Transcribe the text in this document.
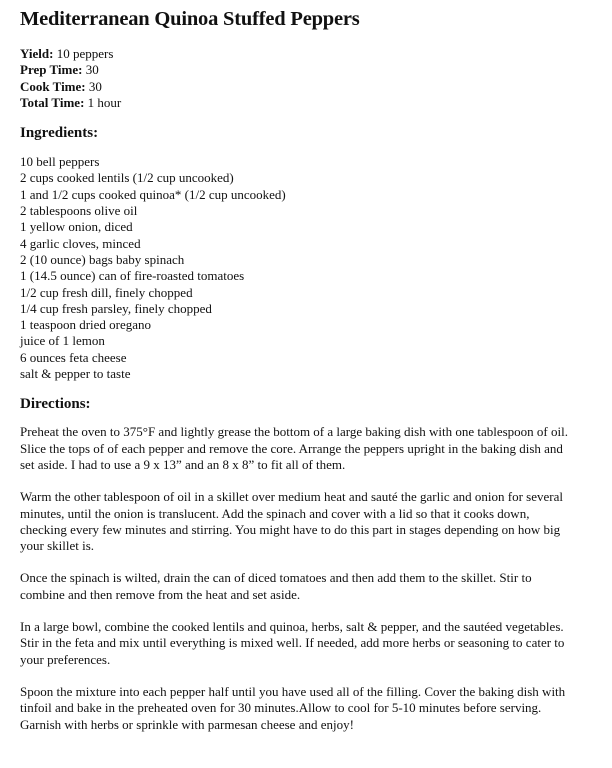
Mediterranean Quinoa Stuffed Peppers
Yield: 10 peppers
Prep Time: 30
Cook Time: 30
Total Time: 1 hour
Ingredients:
10 bell peppers
2 cups cooked lentils (1/2 cup uncooked)
1 and 1/2 cups cooked quinoa* (1/2 cup uncooked)
2 tablespoons olive oil
1 yellow onion, diced
4 garlic cloves, minced
2 (10 ounce) bags baby spinach
1 (14.5 ounce) can of fire-roasted tomatoes
1/2 cup fresh dill, finely chopped
1/4 cup fresh parsley, finely chopped
1 teaspoon dried oregano
juice of 1 lemon
6 ounces feta cheese
salt & pepper to taste
Directions:

Preheat the oven to 375°F and lightly grease the bottom of a large baking dish with one tablespoon of oil. Slice the tops of of each pepper and remove the core. Arrange the peppers upright in the baking dish and set aside. I had to use a 9 x 13” and an 8 x 8” to fit all of them.

Warm the other tablespoon of oil in a skillet over medium heat and sauté the garlic and onion for several minutes, until the onion is translucent. Add the spinach and cover with a lid so that it cooks down, checking every few minutes and stirring. You might have to do this part in stages depending on how big your skillet is.

Once the spinach is wilted, drain the can of diced tomatoes and then add them to the skillet. Stir to combine and then remove from the heat and set aside.

In a large bowl, combine the cooked lentils and quinoa, herbs, salt & pepper, and the sautéed vegetables. Stir in the feta and mix until everything is mixed well. If needed, add more herbs or seasoning to cater to your preferences.

Spoon the mixture into each pepper half until you have used all of the filling. Cover the baking dish with tinfoil and bake in the preheated oven for 30 minutes.Allow to cool for 5-10 minutes before serving. Garnish with herbs or sprinkle with parmesan cheese and enjoy!
